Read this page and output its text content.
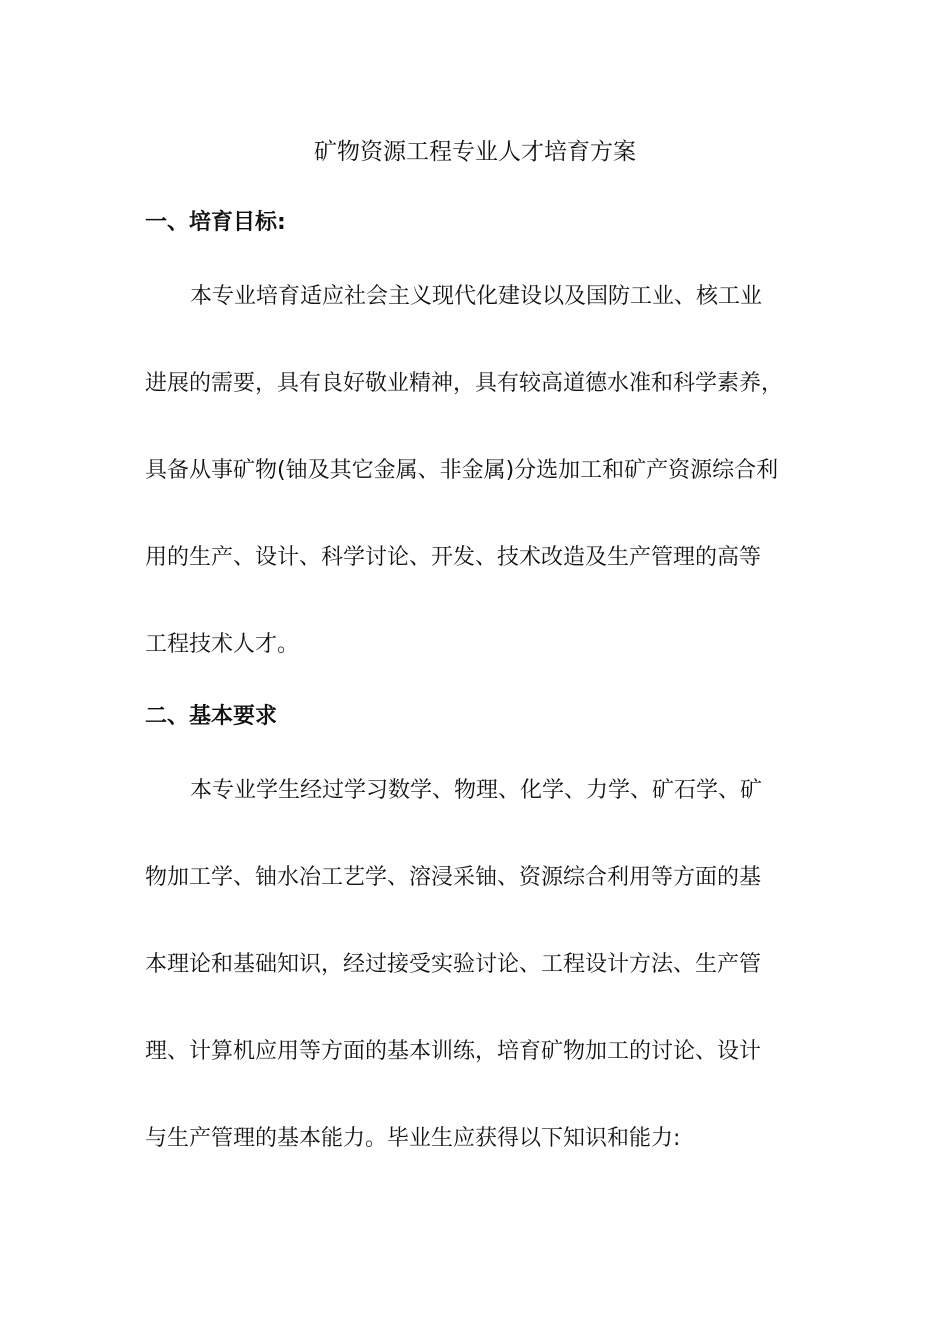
矿物资源工程专业人才培育方案
一、培育目标:
本专业培育适应社会主义现代化建设以及国防工业、核工业
进展的需要，具有良好敬业精神，具有较高道德水准和科学素养，
具备从事矿物(铀及其它金属、非金属)分选加工和矿产资源综合利
用的生产、设计、科学讨论、开发、技术改造及生产管理的高等
工程技术人才。
二、基本要求
本专业学生经过学习数学、物理、化学、力学、矿石学、矿
物加工学、铀水冶工艺学、溶浸采铀、资源综合利用等方面的基
本理论和基础知识，经过接受实验讨论、工程设计方法、生产管
理、计算机应用等方面的基本训练，培育矿物加工的讨论、设计
与生产管理的基本能力。毕业生应获得以下知识和能力:
